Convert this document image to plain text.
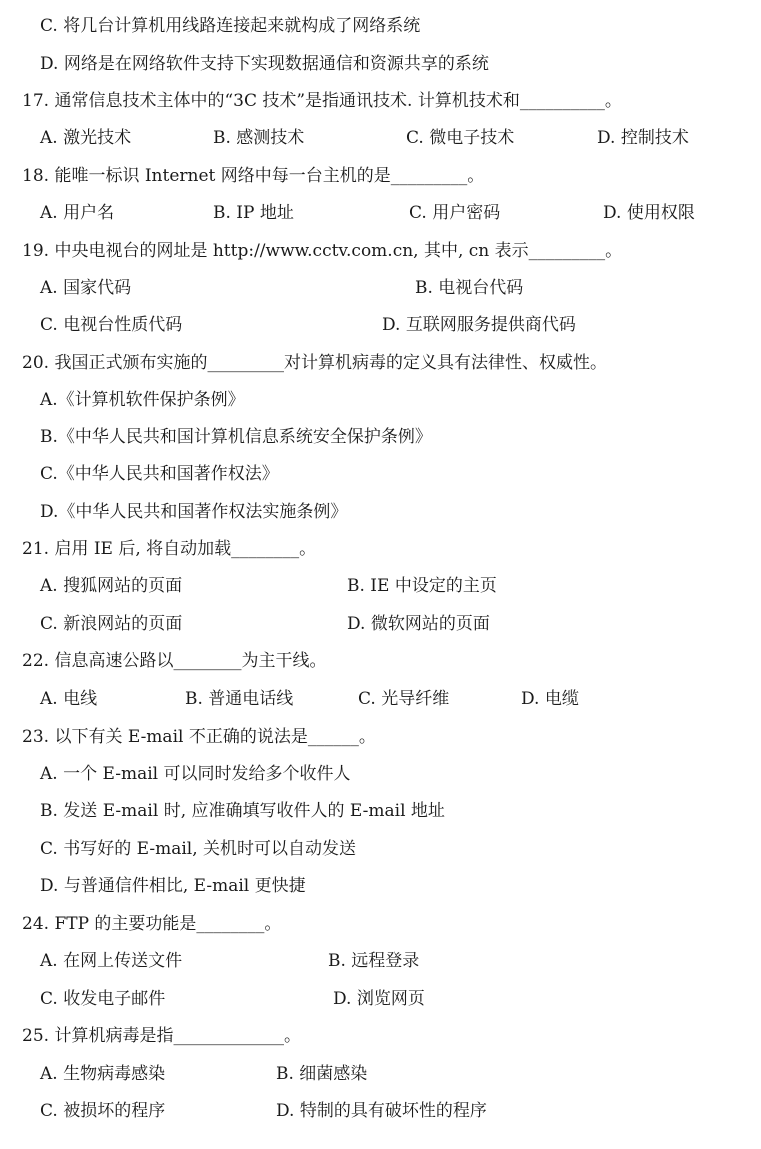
C. 将几台计算机用线路连接起来就构成了网络系统
D. 网络是在网络软件支持下实现数据通信和资源共享的系统
17. 通常信息技术主体中的“3C 技术”是指通讯技术. 计算机技术和__________。
A. 激光技术	B. 感测技术	C. 微电子技术	D. 控制技术
18. 能唯一标识 Internet 网络中每一台主机的是_________。
A. 用户名	B. IP 地址	C. 用户密码	D. 使用权限
19. 中央电视台的网址是 http://www.cctv.com.cn, 其中, cn 表示_________。
A. 国家代码	B. 电视台代码
C. 电视台性质代码	D. 互联网服务提供商代码
20. 我国正式颁布实施的_________对计算机病毒的定义具有法律性、权威性。
A.《计算机软件保护条例》
B.《中华人民共和国计算机信息系统安全保护条例》
C.《中华人民共和国著作权法》
D.《中华人民共和国著作权法实施条例》
21. 启用 IE 后, 将自动加载________。
A. 搜狐网站的页面	B. IE 中设定的主页
C. 新浪网站的页面	D. 微软网站的页面
22. 信息高速公路以________为主干线。
A. 电线	B. 普通电话线	C. 光导纤维	D. 电缆
23. 以下有关 E-mail 不正确的说法是______。
A. 一个 E-mail 可以同时发给多个收件人
B. 发送 E-mail 时, 应准确填写收件人的 E-mail 地址
C. 书写好的 E-mail, 关机时可以自动发送
D. 与普通信件相比, E-mail 更快捷
24. FTP 的主要功能是________。
A. 在网上传送文件	B. 远程登录
C. 收发电子邮件	D. 浏览网页
25. 计算机病毒是指_____________。
A. 生物病毒感染	B. 细菌感染
C. 被损坏的程序	D. 特制的具有破坏性的程序
